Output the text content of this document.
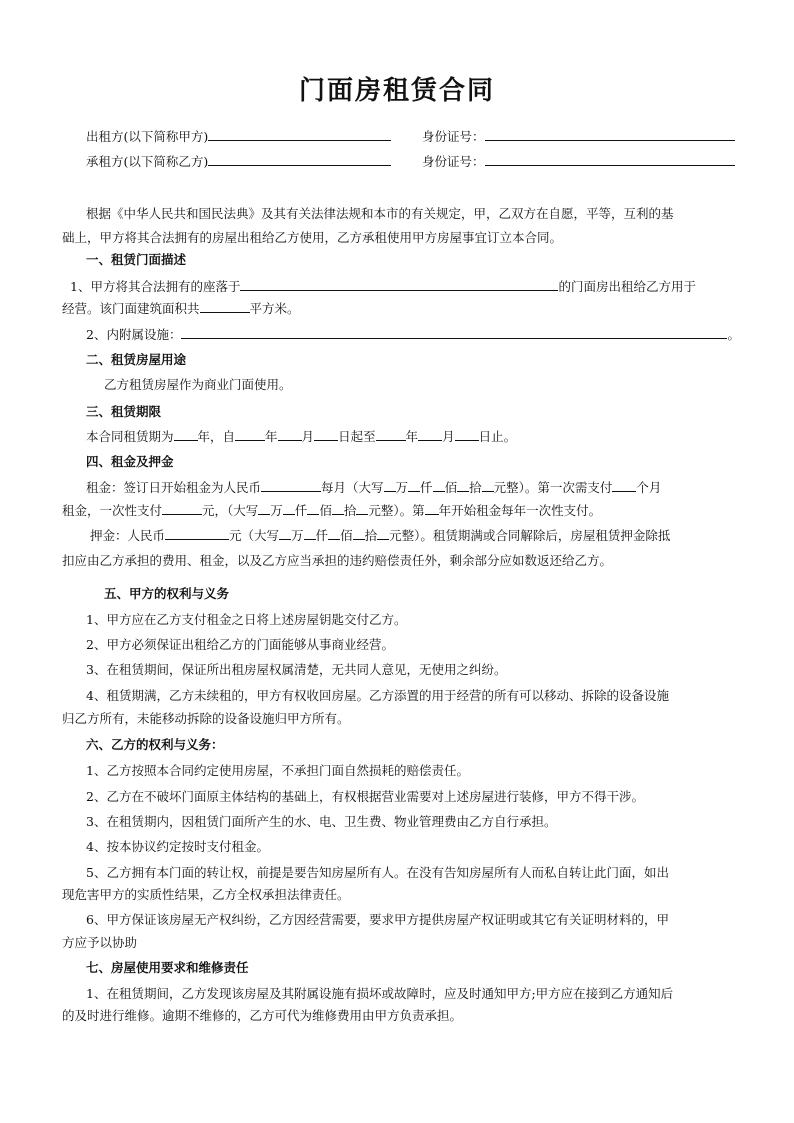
门面房租赁合同
出租方(以下简称甲方)	身份证号：
承租方(以下简称乙方)	身份证号：
根据《中华人民共和国民法典》及其有关法律法规和本市的有关规定，甲，乙双方在自愿，平等，互利的基
础上，甲方将其合法拥有的房屋出租给乙方使用，乙方承租使用甲方房屋事宜订立本合同。
一、租赁门面描述
1、甲方将其合法拥有的座落于	的门面房出租给乙方用于
经营。该门面建筑面积共	平方米。
2、内附属设施：	。
二、租赁房屋用途
乙方租赁房屋作为商业门面使用。
三、租赁期限
本合同租赁期为 年，自 年 月 日起至 年 月 日止。
四、租金及押金
租金：签订日开始租金为人民币	每月（大写 万 仟 佰 拾 元整）。第一次需支付 个月
租金，一次性支付	元，（大写 万 仟 佰 拾 元整）。第 年开始租金每年一次性支付。
押金：人民币	元（大写 万 仟 佰 拾 元整）。租赁期满或合同解除后，房屋租赁押金除抵
扣应由乙方承担的费用、租金，以及乙方应当承担的违约赔偿责任外，剩余部分应如数返还给乙方。
五、甲方的权利与义务
1、甲方应在乙方支付租金之日将上述房屋钥匙交付乙方。
2、甲方必须保证出租给乙方的门面能够从事商业经营。
3、在租赁期间，保证所出租房屋权属清楚，无共同人意见，无使用之纠纷。
4、租赁期满，乙方未续租的，甲方有权收回房屋。乙方添置的用于经营的所有可以移动、拆除的设备设施
归乙方所有，未能移动拆除的设备设施归甲方所有。
六、乙方的权利与义务：
1、乙方按照本合同约定使用房屋，不承担门面自然损耗的赔偿责任。
2、乙方在不破坏门面原主体结构的基础上，有权根据营业需要对上述房屋进行装修，甲方不得干涉。
3、在租赁期内，因租赁门面所产生的水、电、卫生费、物业管理费由乙方自行承担。
4、按本协议约定按时支付租金。
5、乙方拥有本门面的转让权，前提是要告知房屋所有人。在没有告知房屋所有人而私自转让此门面，如出
现危害甲方的实质性结果，乙方全权承担法律责任。
6、甲方保证该房屋无产权纠纷，乙方因经营需要，要求甲方提供房屋产权证明或其它有关证明材料的，甲
方应予以协助
七、房屋使用要求和维修责任
1、在租赁期间，乙方发现该房屋及其附属设施有损坏或故障时，应及时通知甲方;甲方应在接到乙方通知后
的及时进行维修。逾期不维修的，乙方可代为维修费用由甲方负责承担。
